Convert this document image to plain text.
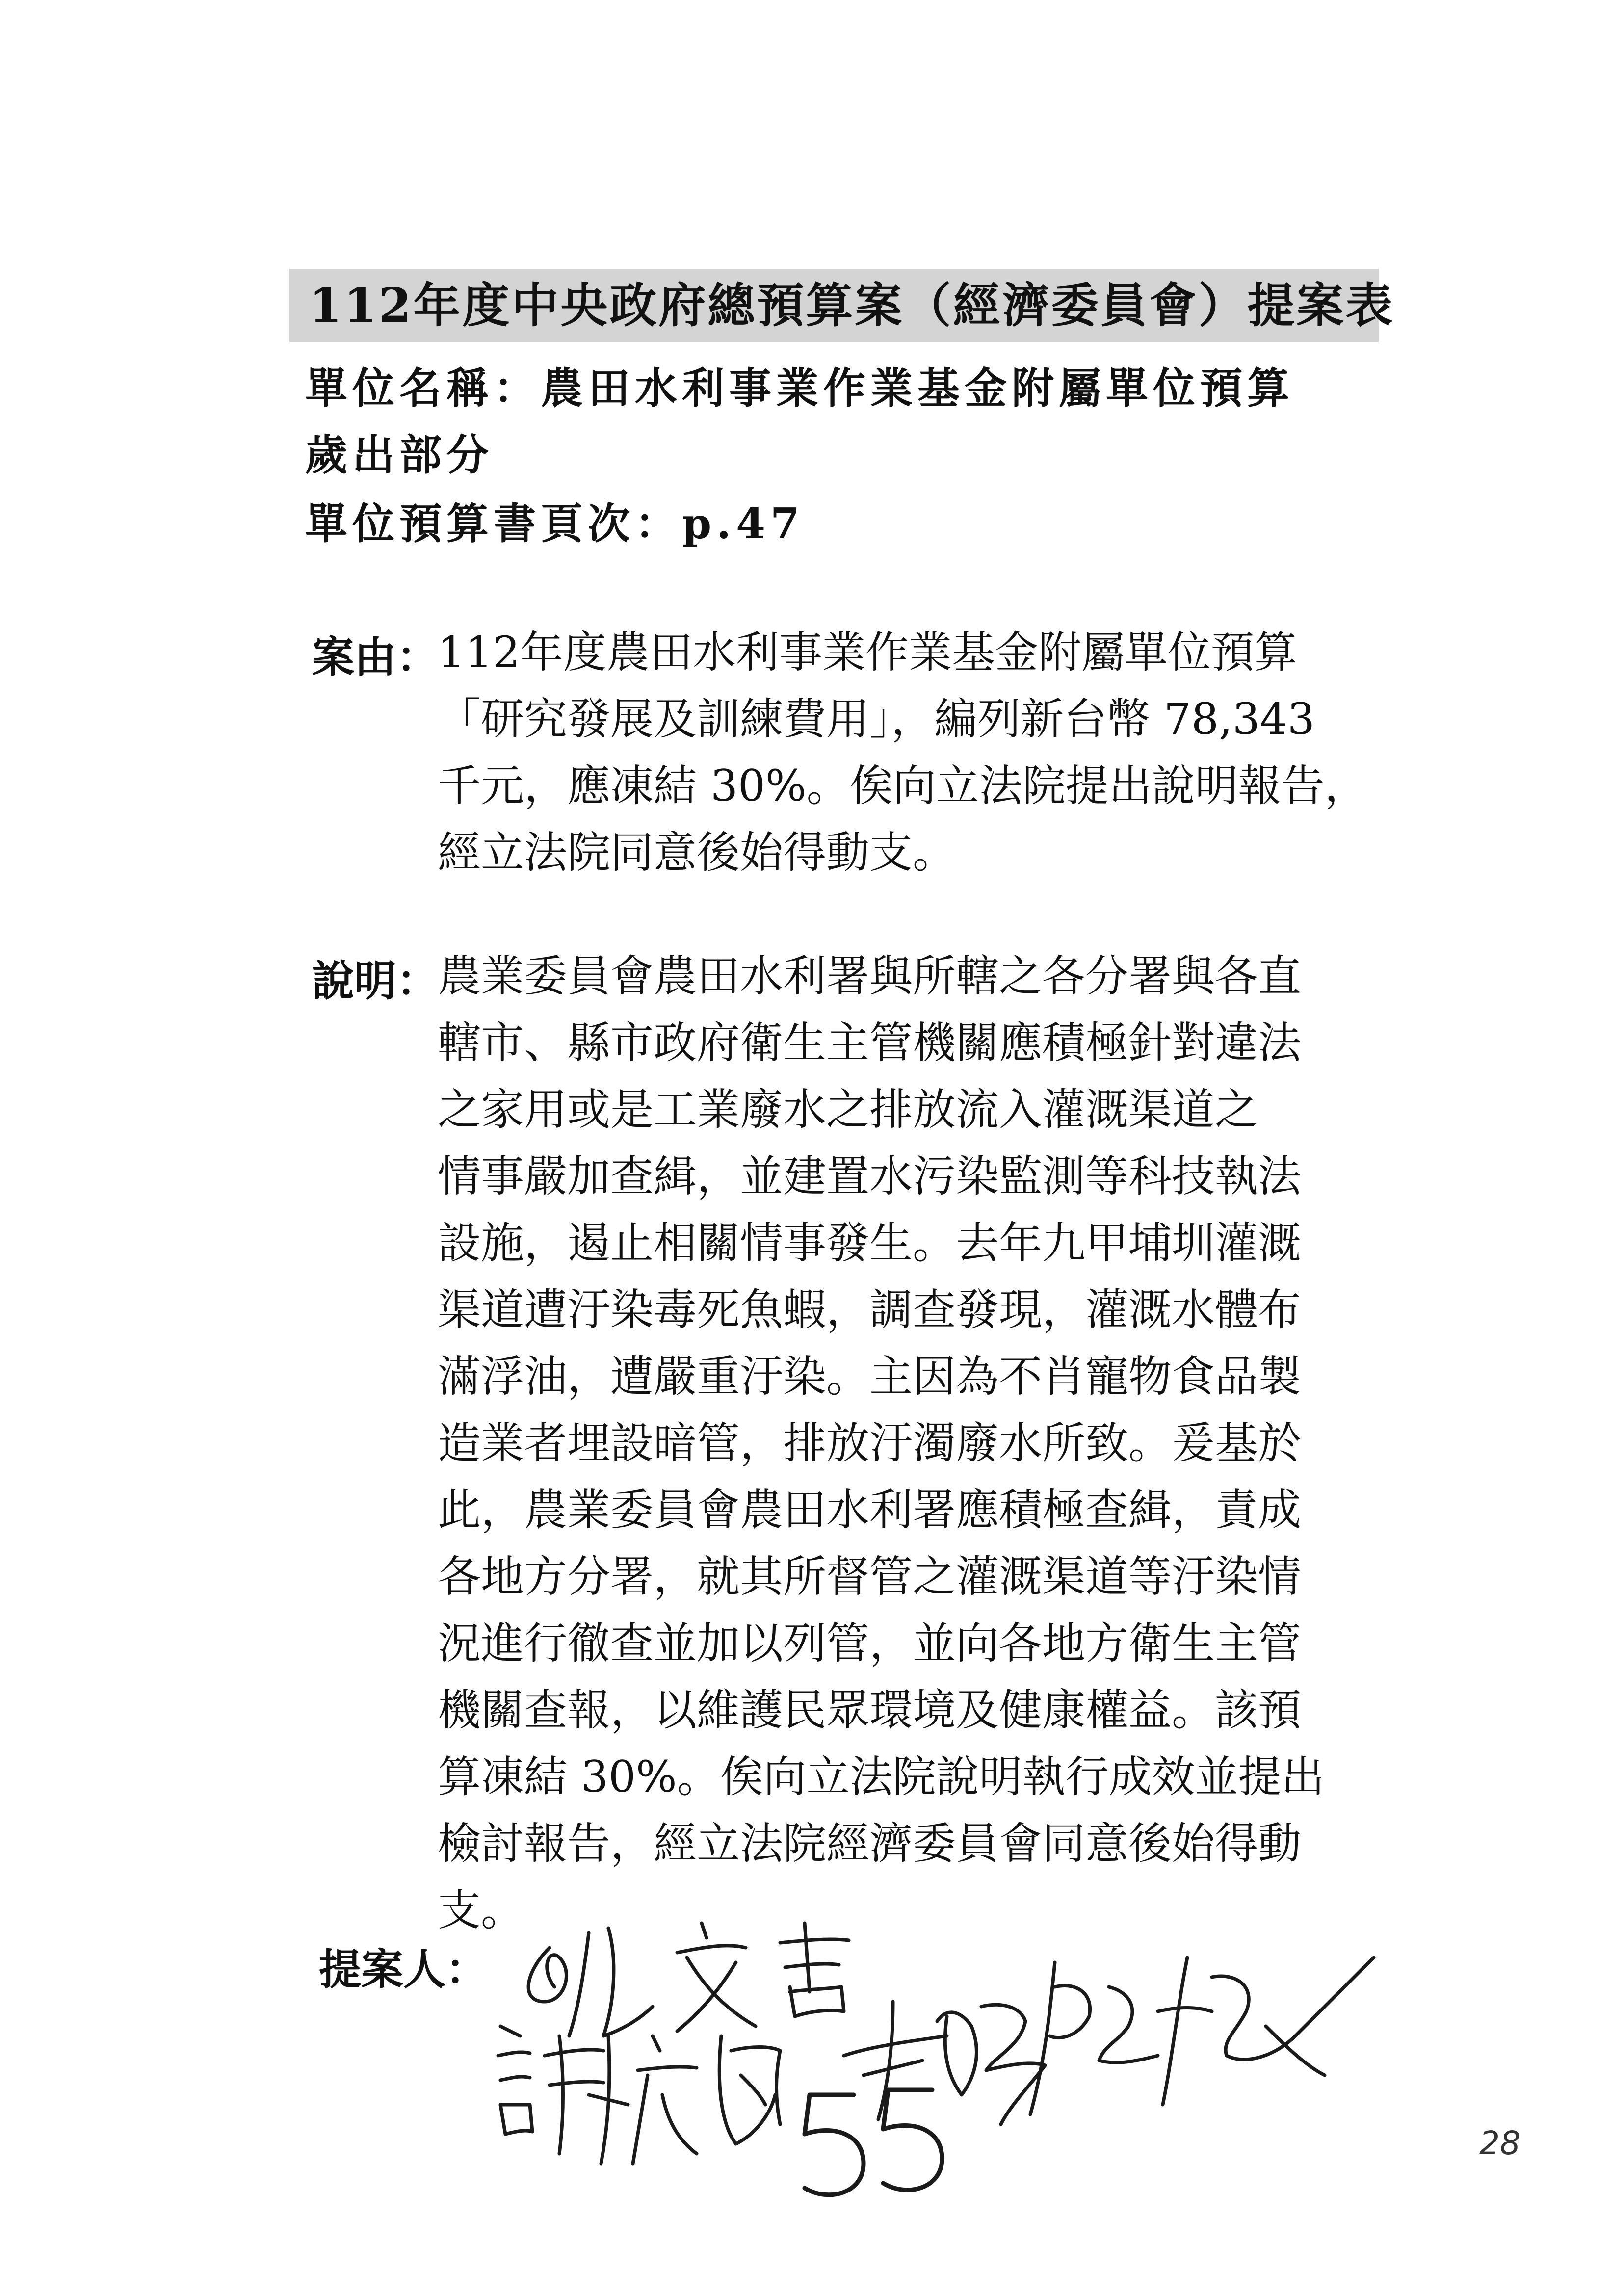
112年度中央政府總預算案（經濟委員會）提案表
單位名稱：農田水利事業作業基金附屬單位預算
歲出部分
單位預算書頁次：p.47
案由：
112年度農田水利事業作業基金附屬單位預算
「研究發展及訓練費用」，編列新台幣 78,343
千元，應凍結 30%。俟向立法院提出說明報告，
經立法院同意後始得動支。
說明：
農業委員會農田水利署與所轄之各分署與各直
轄市、縣市政府衛生主管機關應積極針對違法
之家用或是工業廢水之排放流入灌溉渠道之
情事嚴加查緝，並建置水污染監測等科技執法
設施，遏止相關情事發生。去年九甲埔圳灌溉
渠道遭汙染毒死魚蝦，調查發現，灌溉水體布
滿浮油，遭嚴重汙染。主因為不肖寵物食品製
造業者埋設暗管，排放汙濁廢水所致。爰基於
此，農業委員會農田水利署應積極查緝，責成
各地方分署，就其所督管之灌溉渠道等汙染情
況進行徹查並加以列管，並向各地方衛生主管
機關查報，以維護民眾環境及健康權益。該預
算凍結 30%。俟向立法院說明執行成效並提出
檢討報告，經立法院經濟委員會同意後始得動
支。
提案人：
28
